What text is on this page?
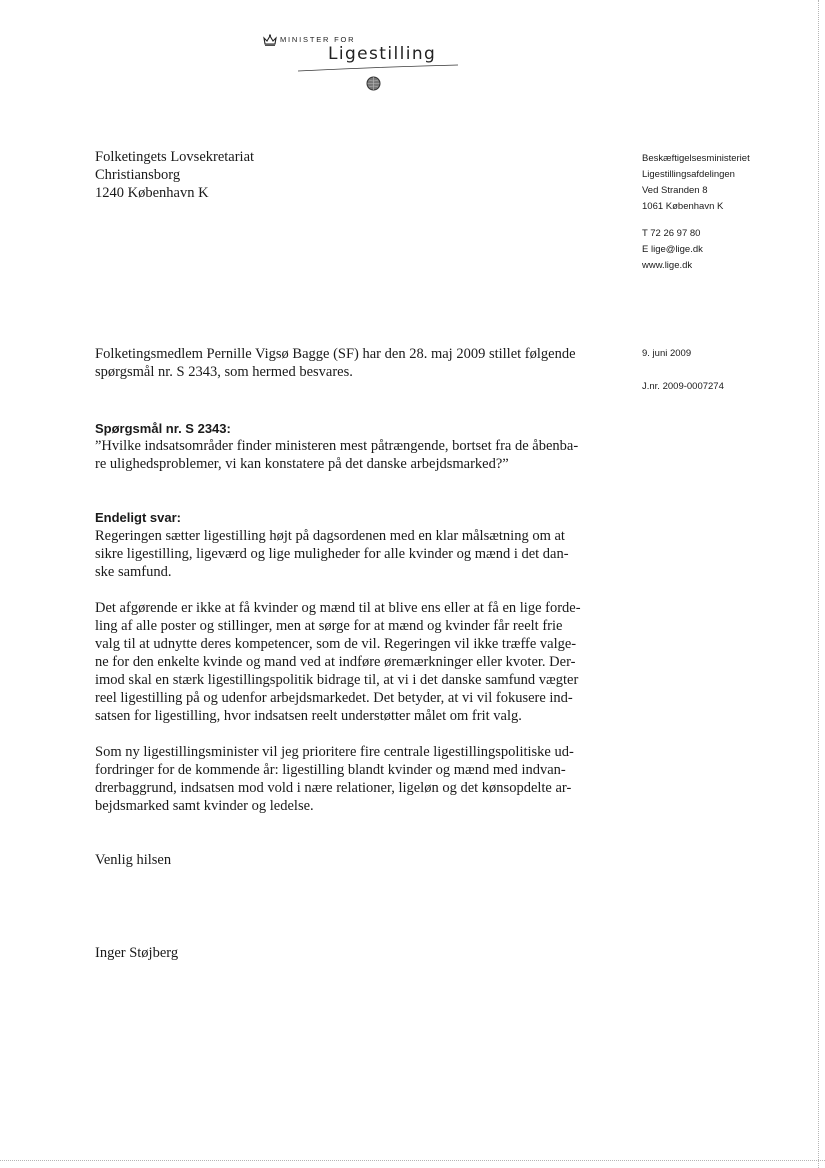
MINISTER FOR
Ligestilling
Folketingets Lovsekretariat
Christiansborg
1240 København K
Beskæftigelsesministeriet
Ligestillingsafdelingen
Ved Stranden 8
1061 København K
T 72 26 97 80
E lige@lige.dk
www.lige.dk
Folketingsmedlem Pernille Vigsø Bagge (SF) har den 28. maj 2009 stillet følgende spørgsmål nr. S 2343, som hermed besvares.
9. juni 2009
J.nr. 2009-0007274
Spørgsmål nr. S 2343:
”Hvilke indsatsområder finder ministeren mest påtrængende, bortset fra de åbenba-
re ulighedsproblemer, vi kan konstatere på det danske arbejdsmarked?”
Endeligt svar:
Regeringen sætter ligestilling højt på dagsordenen med en klar målsætning om at
sikre ligestilling, ligeværd og lige muligheder for alle kvinder og mænd i det dan-
ske samfund.
Det afgørende er ikke at få kvinder og mænd til at blive ens eller at få en lige forde-
ling af alle poster og stillinger, men at sørge for at mænd og kvinder får reelt frie
valg til at udnytte deres kompetencer, som de vil. Regeringen vil ikke træffe valge-
ne for den enkelte kvinde og mand ved at indføre øremærkninger eller kvoter. Der-
imod skal en stærk ligestillingspolitik bidrage til, at vi i det danske samfund vægter
reel ligestilling på og udenfor arbejdsmarkedet. Det betyder, at vi vil fokusere ind-
satsen for ligestilling, hvor indsatsen reelt understøtter målet om frit valg.
Som ny ligestillingsminister vil jeg prioritere fire centrale ligestillingspolitiske ud-
fordringer for de kommende år: ligestilling blandt kvinder og mænd med indvan-
drerbaggrund, indsatsen mod vold i nære relationer, ligeløn og det kønsopdelte ar-
bejdsmarked samt kvinder og ledelse.
Venlig hilsen
Inger Støjberg
